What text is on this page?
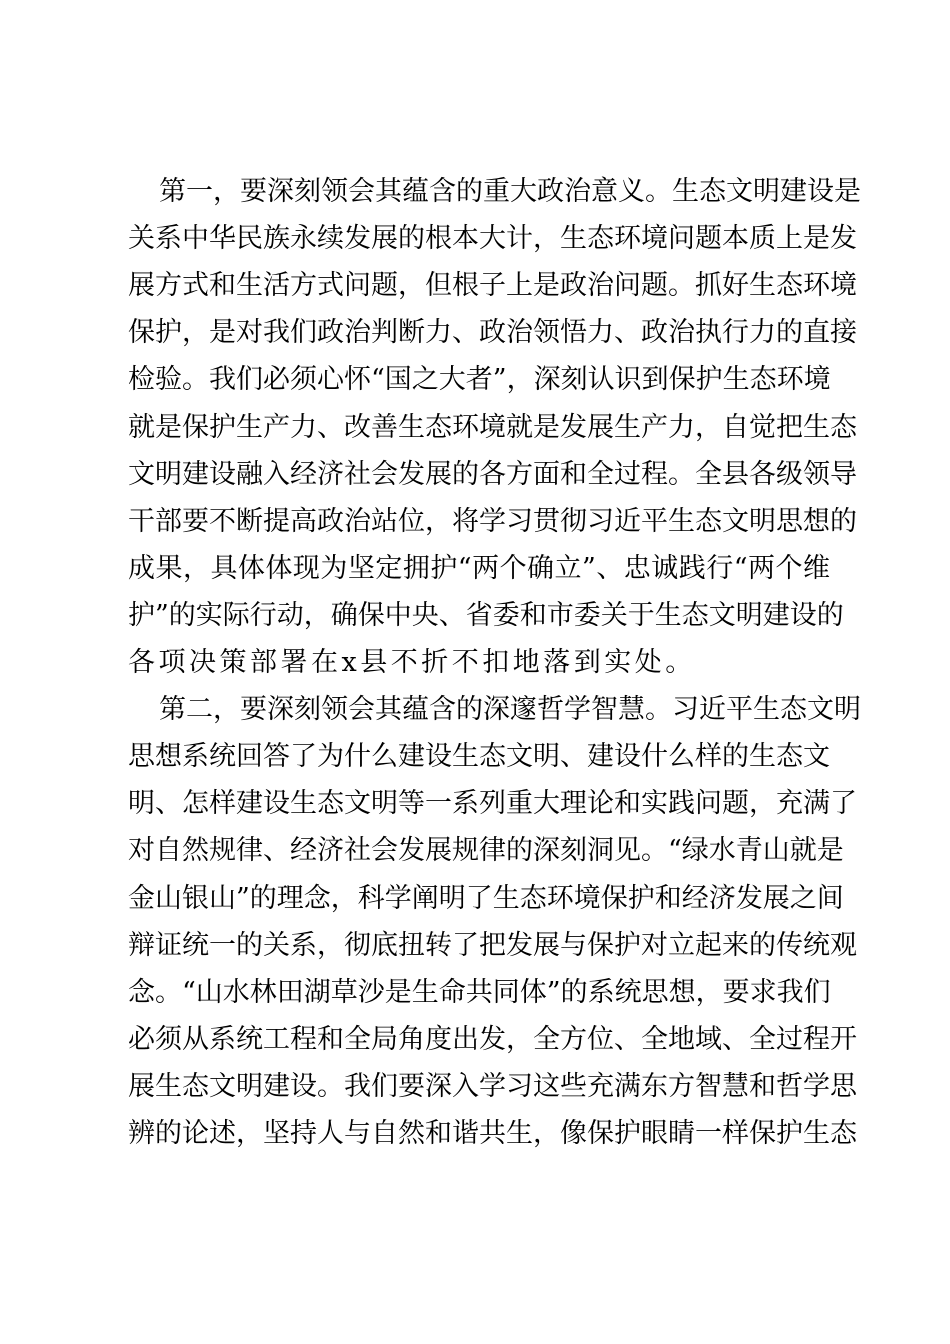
第一，要深刻领会其蕴含的重大政治意义。生态文明建设是
关系中华民族永续发展的根本大计，生态环境问题本质上是发
展方式和生活方式问题，但根子上是政治问题。抓好生态环境
保护，是对我们政治判断力、政治领悟力、政治执行力的直接
检验。我们必须心怀“国之大者”，深刻认识到保护生态环境
就是保护生产力、改善生态环境就是发展生产力，自觉把生态
文明建设融入经济社会发展的各方面和全过程。全县各级领导
干部要不断提高政治站位，将学习贯彻习近平生态文明思想的
成果，具体体现为坚定拥护“两个确立”、忠诚践行“两个维
护”的实际行动，确保中央、省委和市委关于生态文明建设的
各项决策部署在x县不折不扣地落到实处。
第二，要深刻领会其蕴含的深邃哲学智慧。习近平生态文明
思想系统回答了为什么建设生态文明、建设什么样的生态文
明、怎样建设生态文明等一系列重大理论和实践问题，充满了
对自然规律、经济社会发展规律的深刻洞见。“绿水青山就是
金山银山”的理念，科学阐明了生态环境保护和经济发展之间
辩证统一的关系，彻底扭转了把发展与保护对立起来的传统观
念。“山水林田湖草沙是生命共同体”的系统思想，要求我们
必须从系统工程和全局角度出发，全方位、全地域、全过程开
展生态文明建设。我们要深入学习这些充满东方智慧和哲学思
辨的论述，坚持人与自然和谐共生，像保护眼睛一样保护生态
